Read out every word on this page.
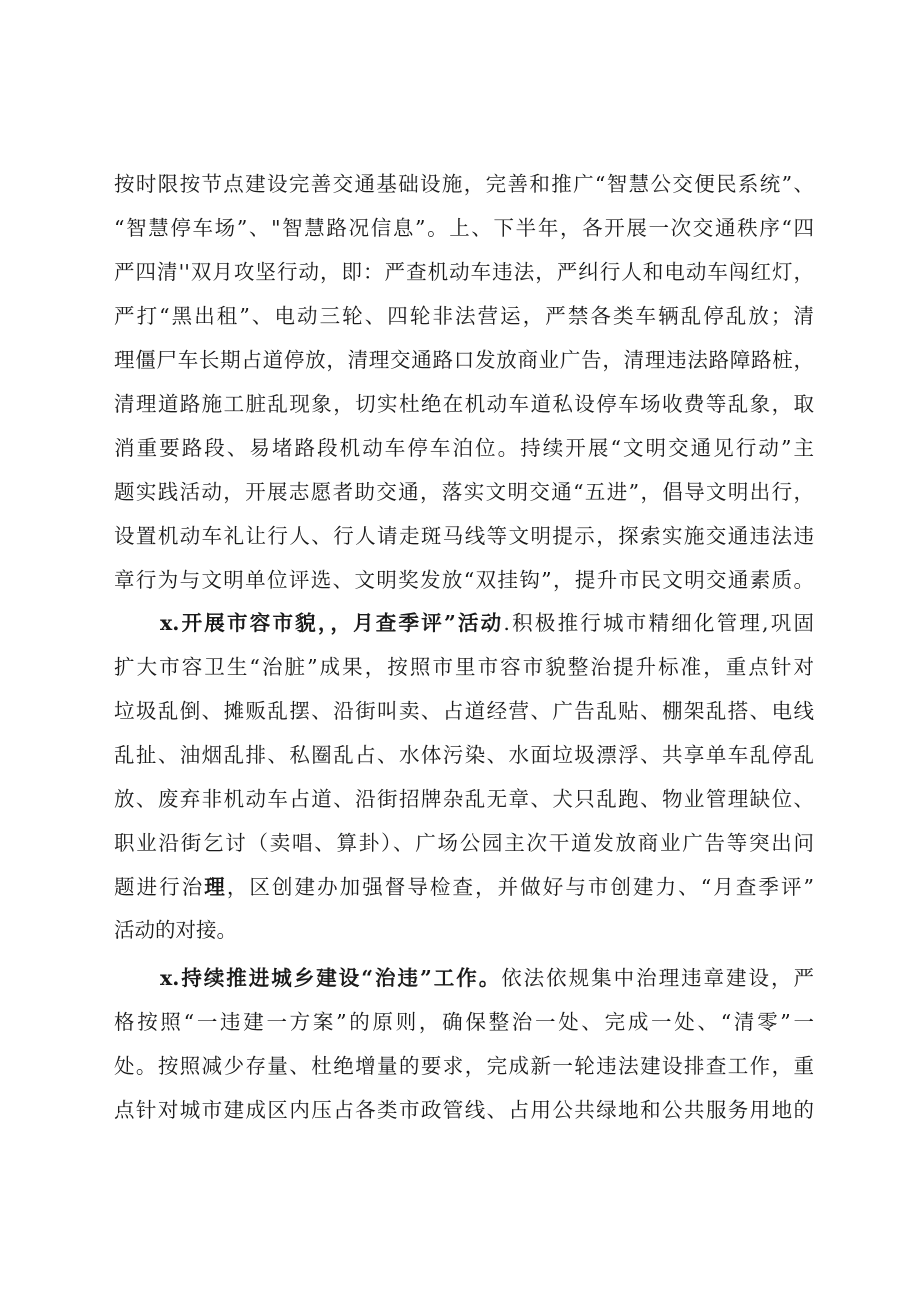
按时限按节点建设完善交通基础设施，完善和推广“智慧公交便民系统”、
“智慧停车场”、"智慧路况信息”。上、下半年，各开展一次交通秩序“四
严四清''双月攻坚行动，即：严查机动车违法，严纠行人和电动车闯红灯，
严打“黑出租”、电动三轮、四轮非法营运，严禁各类车辆乱停乱放；清
理僵尸车长期占道停放，清理交通路口发放商业广告，清理违法路障路桩，
清理道路施工脏乱现象，切实杜绝在机动车道私设停车场收费等乱象，取
消重要路段、易堵路段机动车停车泊位。持续开展“文明交通见行动”主
题实践活动，开展志愿者助交通，落实文明交通“五进”，倡导文明出行，
设置机动车礼让行人、行人请走斑马线等文明提示，探索实施交通违法违
章行为与文明单位评选、文明奖发放“双挂钩”，提升市民文明交通素质。
x.开展市容市貌，，月查季评”活动.积极推行城市精细化管理,巩固
扩大市容卫生“治脏”成果，按照市里市容市貌整治提升标准，重点针对
垃圾乱倒、摊贩乱摆、沿街叫卖、占道经营、广告乱贴、棚架乱搭、电线
乱扯、油烟乱排、私圈乱占、水体污染、水面垃圾漂浮、共享单车乱停乱
放、废弃非机动车占道、沿街招牌杂乱无章、犬只乱跑、物业管理缺位、
职业沿街乞讨（卖唱、算卦）、广场公园主次干道发放商业广告等突出问
题进行治理，区创建办加强督导检查，并做好与市创建力、“月查季评”
活动的对接。
x.持续推进城乡建设“治违”工作。依法依规集中治理违章建设，严
格按照“一违建一方案”的原则，确保整治一处、完成一处、“清零”一
处。按照减少存量、杜绝增量的要求，完成新一轮违法建设排查工作，重
点针对城市建成区内压占各类市政管线、占用公共绿地和公共服务用地的
